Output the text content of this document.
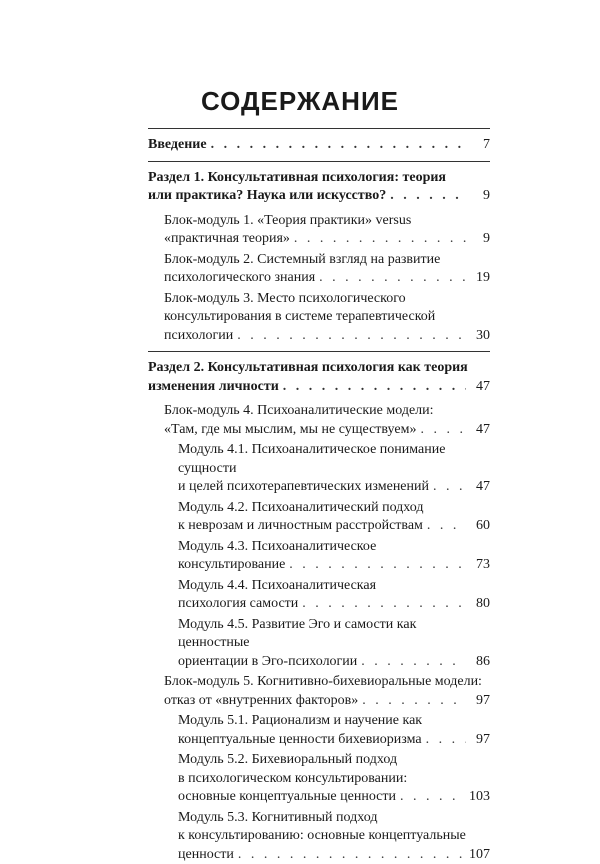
СОДЕРЖАНИЕ
Введение . . .	7
Раздел 1. Консультативная психология: теория
или практика? Наука или искусство? . . .	9
Блок-модуль 1. «Теория практики» versus
«практичная теория» . . .	9
Блок-модуль 2. Системный взгляд на развитие
психологического знания . . .	19
Блок-модуль 3. Место психологического
консультирования в системе терапевтической
психологии . . .	30
Раздел 2. Консультативная психология как теория
изменения личности . . .	47
Блок-модуль 4. Психоаналитические модели:
«Там, где мы мыслим, мы не существуем» . . .	47
Модуль 4.1. Психоаналитическое понимание сущности
и целей психотерапевтических изменений . . .	47
Модуль 4.2. Психоаналитический подход
к неврозам и личностным расстройствам . . .	60
Модуль 4.3. Психоаналитическое
консультирование . . .	73
Модуль 4.4. Психоаналитическая
психология самости . . .	80
Модуль 4.5. Развитие Эго и самости как ценностные
ориентации в Эго-психологии . . .	86
Блок-модуль 5. Когнитивно-бихевиоральные модели:
отказ от «внутренних факторов» . . .	97
Модуль 5.1. Рационализм и научение как
концептуальные ценности бихевиоризма . . .	97
Модуль 5.2. Бихевиоральный подход
в психологическом консультировании:
основные концептуальные ценности . . .	103
Модуль 5.3. Когнитивный подход
к консультированию: основные концептуальные
ценности . . .	107
